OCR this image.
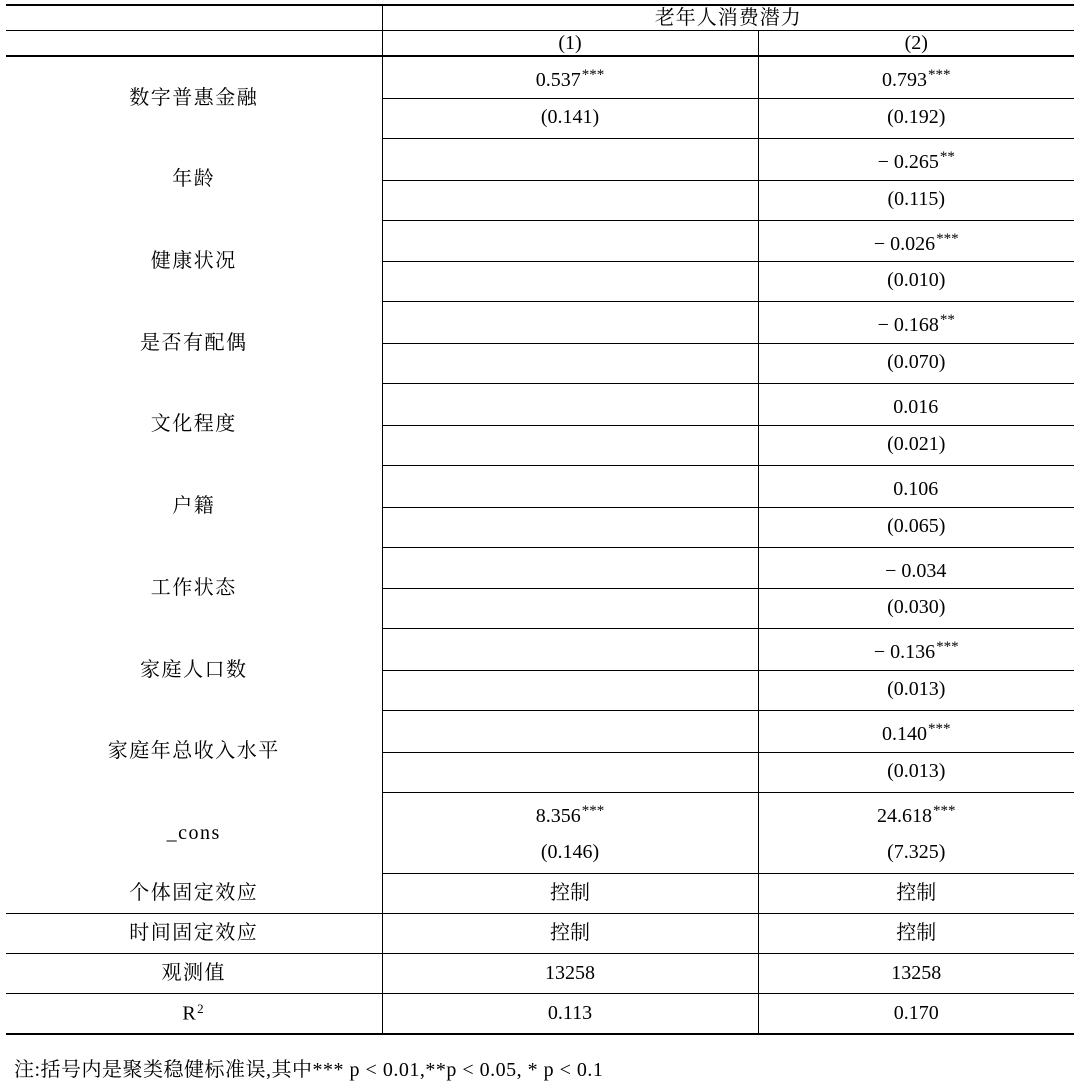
	老年人消费潜力	
	(1)	(2)
数字普惠金融	0.537***	0.793***
	(0.141)	(0.192)
年龄		− 0.265**
		(0.115)
健康状况		− 0.026***
		(0.010)
是否有配偶		− 0.168**
		(0.070)
文化程度		0.016
		(0.021)
户籍		0.106
		(0.065)
工作状态		− 0.034
		(0.030)
家庭人口数		− 0.136***
		(0.013)
家庭年总收入水平		0.140***
		(0.013)
_cons	8.356***	24.618***
	(0.146)	(7.325)
个体固定效应	控制	控制
时间固定效应	控制	控制
观测值	13258	13258
$R^2$	0.113	0.170
注:括号内是聚类稳健标准误,其中*** p < 0.01,**p < 0.05, * p < 0.1
